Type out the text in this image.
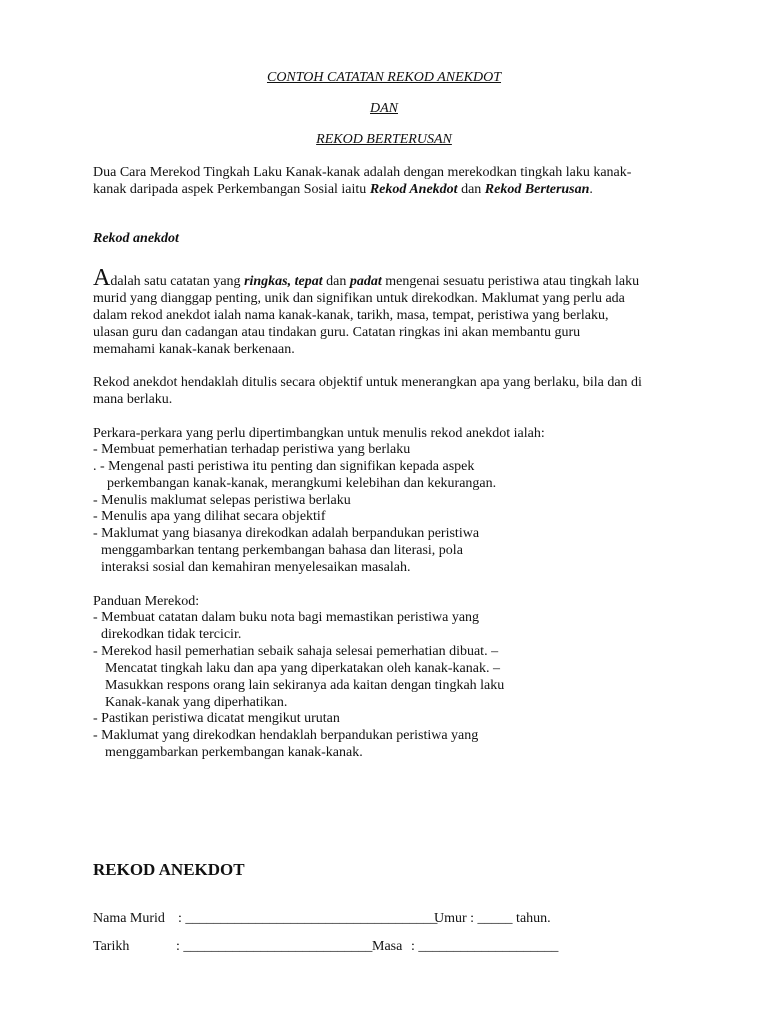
CONTOH CATATAN REKOD ANEKDOT
DAN
REKOD BERTERUSAN
Dua Cara Merekod Tingkah Laku Kanak-kanak adalah dengan merekodkan tingkah laku kanak-
kanak daripada aspek Perkembangan Sosial iaitu Rekod Anekdot dan Rekod Berterusan.
Rekod anekdot
Adalah satu catatan yang ringkas, tepat dan padat mengenai sesuatu peristiwa atau tingkah laku
murid yang dianggap penting, unik dan signifikan untuk direkodkan. Maklumat yang perlu ada
dalam rekod anekdot ialah nama kanak-kanak, tarikh, masa, tempat, peristiwa yang berlaku,
ulasan guru dan cadangan atau tindakan guru. Catatan ringkas ini akan membantu guru
memahami kanak-kanak berkenaan.
Rekod anekdot hendaklah ditulis secara objektif untuk menerangkan apa yang berlaku, bila dan di
mana berlaku.
Perkara-perkara yang perlu dipertimbangkan untuk menulis rekod anekdot ialah:
- Membuat pemerhatian terhadap peristiwa yang berlaku
. - Mengenal pasti peristiwa itu penting dan signifikan kepada aspek
perkembangan kanak-kanak, merangkumi kelebihan dan kekurangan.
- Menulis maklumat selepas peristiwa berlaku
- Menulis apa yang dilihat secara objektif
- Maklumat yang biasanya direkodkan adalah berpandukan peristiwa
menggambarkan tentang perkembangan bahasa dan literasi, pola
interaksi sosial dan kemahiran menyelesaikan masalah.
Panduan Merekod:
- Membuat catatan dalam buku nota bagi memastikan peristiwa yang
direkodkan tidak tercicir.
- Merekod hasil pemerhatian sebaik sahaja selesai pemerhatian dibuat. –
Mencatat tingkah laku dan apa yang diperkatakan oleh kanak-kanak. –
Masukkan respons orang lain sekiranya ada kaitan dengan tingkah laku
Kanak-kanak yang diperhatikan.
- Pastikan peristiwa dicatat mengikut urutan
- Maklumat yang direkodkan hendaklah berpandukan peristiwa yang
menggambarkan perkembangan kanak-kanak.
REKOD ANEKDOT
Nama Murid : ____________________________________
Umur : _____ tahun.
Tarikh	: ___________________________ Masa : ____________________
